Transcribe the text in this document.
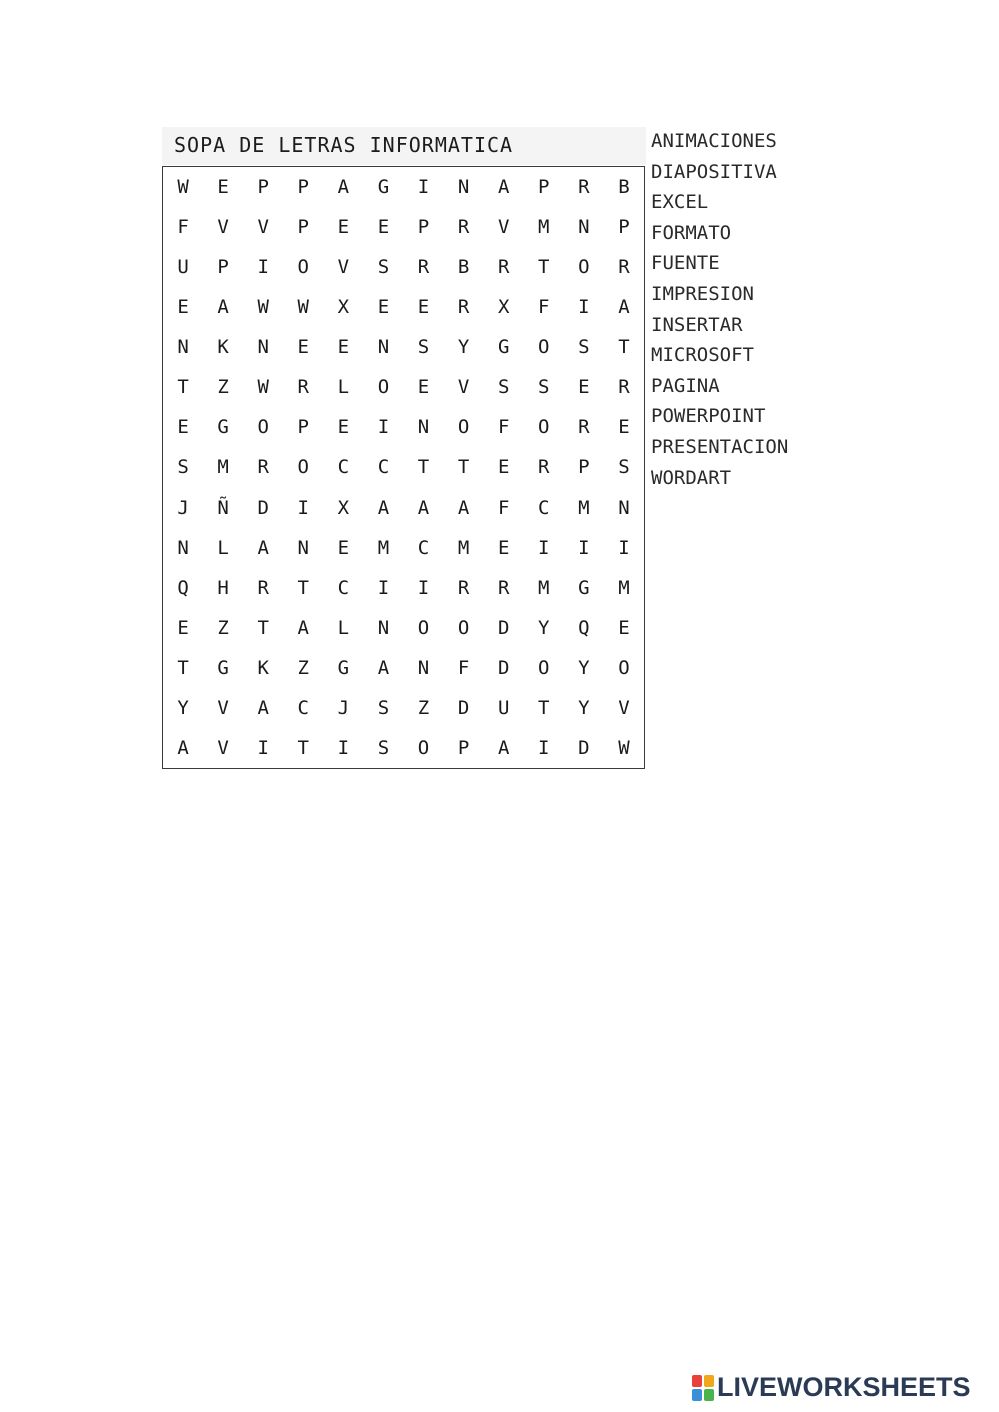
SOPA DE LETRAS INFORMATICA
W	E	P	P	A	G	I	N	A	P	R	B
F	V	V	P	E	E	P	R	V	M	N	P
U	P	I	O	V	S	R	B	R	T	O	R
E	A	W	W	X	E	E	R	X	F	I	A
N	K	N	E	E	N	S	Y	G	O	S	T
T	Z	W	R	L	O	E	V	S	S	E	R
E	G	O	P	E	I	N	O	F	O	R	E
S	M	R	O	C	C	T	T	E	R	P	S
J	Ñ	D	I	X	A	A	A	F	C	M	N
N	L	A	N	E	M	C	M	E	I	I	I
Q	H	R	T	C	I	I	R	R	M	G	M
E	Z	T	A	L	N	O	O	D	Y	Q	E
T	G	K	Z	G	A	N	F	D	O	Y	O
Y	V	A	C	J	S	Z	D	U	T	Y	V
A	V	I	T	I	S	O	P	A	I	D	W
ANIMACIONES
DIAPOSITIVA
EXCEL
FORMATO
FUENTE
IMPRESION
INSERTAR
MICROSOFT
PAGINA
POWERPOINT
PRESENTACION
WORDART
LIVEWORKSHEETS
